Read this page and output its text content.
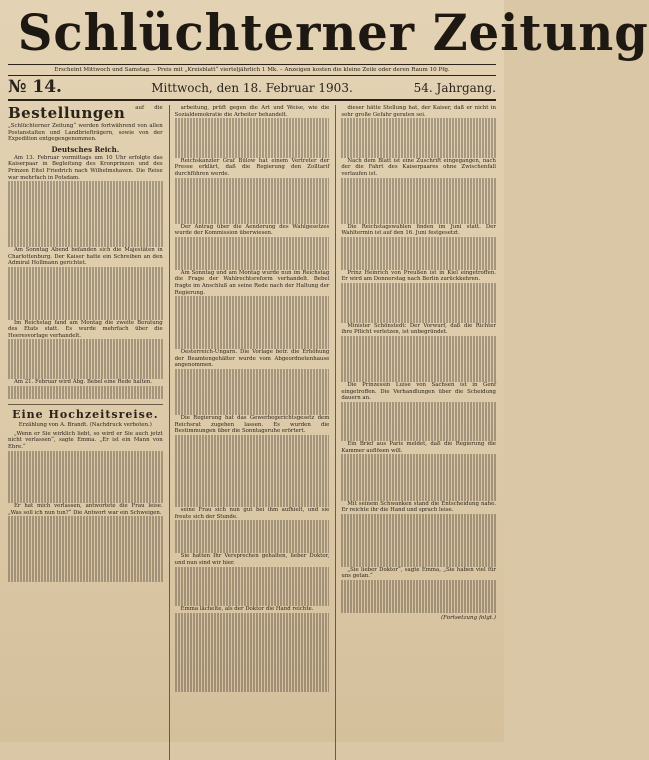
Schlüchterner Zeitung
Erscheint Mittwoch und Samstag. – Preis mit „Kreisblatt“ vierteljährlich 1 Mk. – Anzeigen kosten die kleine Zeile oder deren Raum 10 Pfg.
№ 14.	Mittwoch, den 18. Februar 1903.	54. Jahrgang.
Bestellungen	auf die „Schlüchterner Zeitung“ werden fortwährend von allen Postanstalten und Landbriefträgern, sowie von der Expedition entgegengenommen.

Deutsches Reich.

Am 13. Februar vormittags um 10 Uhr erfolgte das Kaiserpaar in Begleitung des Kronprinzen und des Prinzen Eitel Friedrich nach Wilhelmshaven. Die Reise war mehrfach in Potsdam.

Am Sonntag Abend befanden sich die Majestäten in Charlottenburg. Der Kaiser hatte ein Schreiben an den Admiral Hollmann gerichtet.

Im Reichstag fand am Montag die zweite Beratung des Etats statt. Es wurde mehrfach über die Heeresvorlage verhandelt.

Am 21. Februar wird Abg. Bebel eine Rede halten.

Eine Hochzeitsreise.
Erzählung von A. Brandt. (Nachdruck verboten.)

„Wenn er Sie wirklich liebt, so wird er Sie auch jetzt nicht verlassen“, sagte Emma. „Er ist ein Mann von Ehre.“

Er hat mich verlassen, antwortete die Frau leise. „Was soll ich nun tun?“ Die Antwort war ein Schweigen.

arbeitung, prüft gegen die Art und Weise, wie die Sozialdemokratie die Arbeiter behandelt.

Reichskanzler Graf Bülow hat einem Vertreter der Presse erklärt, daß die Regierung den Zolltarif durchführen werde.

Der Antrag über die Aenderung des Wahlgesetzes wurde der Kommission überwiesen.

Am Sonntag und am Montag wurde nun im Reichstag die Frage der Wahlrechtsreform verhandelt. Bebel fragte im Anschluß an seine Rede nach der Haltung der Regierung.

Oesterreich-Ungarn. Die Vorlage betr. die Erhöhung der Beamtengehälter wurde vom Abgeordnetenhause angenommen.

Die Regierung hat das Gewerbegerichtsgesetz dem Reichsrat zugehen lassen. Es wurden die Bestimmungen über die Sonntagsruhe erörtert.

seine Frau sich nun gut bei ihm aufhielt, und sie freute sich der Stunde.

Sie hatten Ihr Versprechen gehalten, lieber Doktor, und nun sind wir hier.

Emma lächelte, als der Doktor die Hand reichte.

dieser hätte Stellung hat, der Kaiser, daß er nicht in sehr große Gefahr geraten sei.

Nach dem Blatt ist eine Zuschrift eingegangen, nach der die Fahrt des Kaiserpaares ohne Zwischenfall verlaufen ist.

Die Reichstagswahlen finden im Juni statt. Der Wahltermin ist auf den 16. Juni festgesetzt.

Prinz Heinrich von Preußen ist in Kiel eingetroffen. Er wird am Donnerstag nach Berlin zurückkehren.

Minister Schönstedt: Der Vorwurf, daß die Richter ihre Pflicht verletzen, ist unbegründet.

Die Prinzessin Luise von Sachsen ist in Genf eingetroffen. Die Verhandlungen über die Scheidung dauern an.

Ein Brief aus Paris meldet, daß die Regierung die Kammer auflösen will.

Mit seinem Schwanken stand die Entscheidung nahe. Er reichte ihr die Hand und sprach leise.

„Sie lieber Doktor“, sagte Emma, „Sie haben viel für uns getan.“

(Fortsetzung folgt.)
